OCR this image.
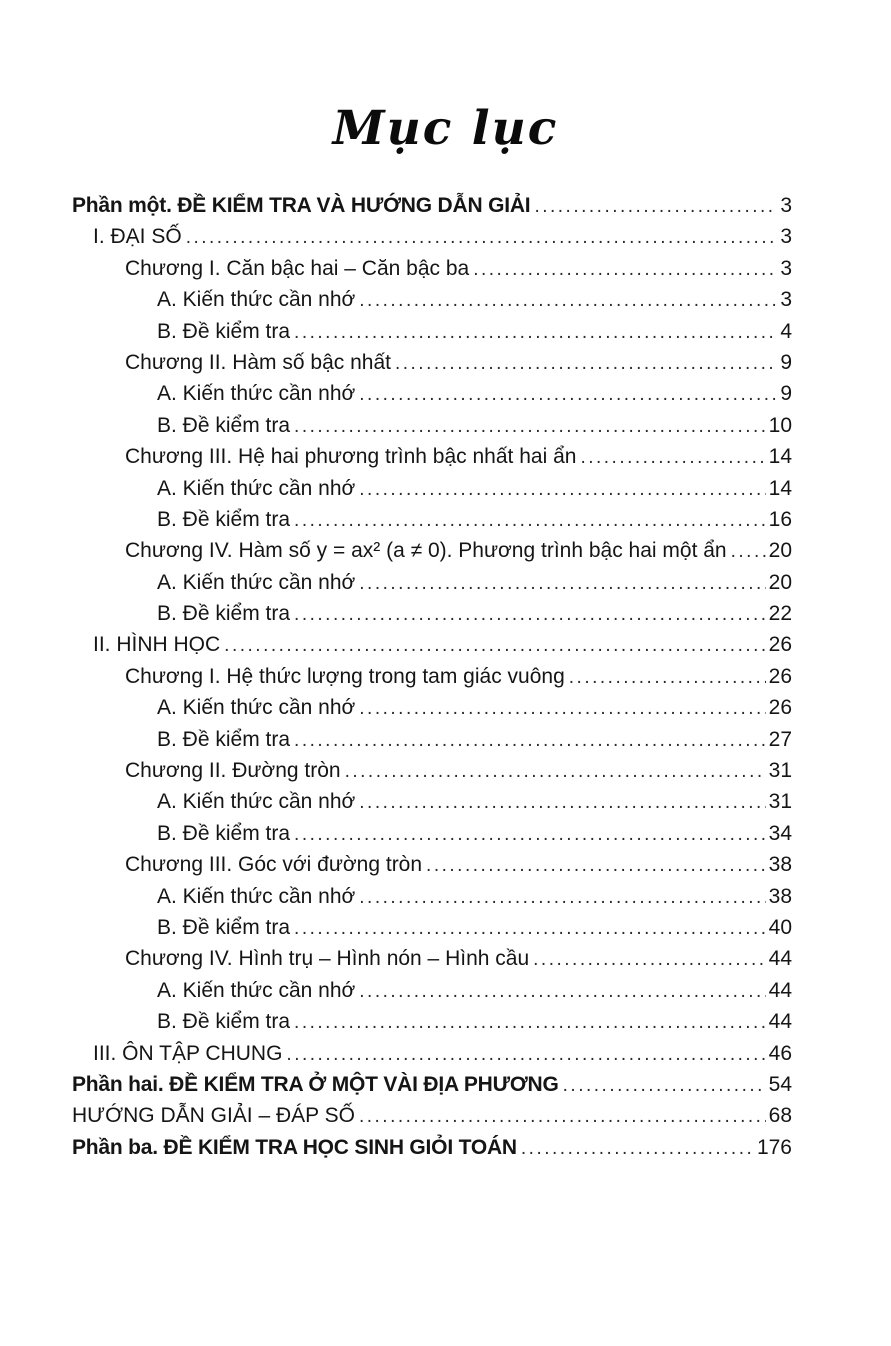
Mục lục
Phần một. ĐỀ KIỂM TRA VÀ HƯỚNG DẪN GIẢI .....	3
I. ĐẠI SỐ .....	3
Chương I. Căn bậc hai – Căn bậc ba .....	3
A. Kiến thức cần nhớ .....	3
B. Đề kiểm tra .....	4
Chương II. Hàm số bậc nhất .....	9
A. Kiến thức cần nhớ .....	9
B. Đề kiểm tra .....	10
Chương III. Hệ hai phương trình bậc nhất hai ẩn .....	14
A. Kiến thức cần nhớ .....	14
B. Đề kiểm tra .....	16
Chương IV. Hàm số y = ax² (a ≠ 0). Phương trình bậc hai một ẩn ..... 20
A. Kiến thức cần nhớ .....	20
B. Đề kiểm tra .....	22
II. HÌNH HỌC .....	26
Chương I. Hệ thức lượng trong tam giác vuông .....	26
A. Kiến thức cần nhớ .....	26
B. Đề kiểm tra .....	27
Chương II. Đường tròn .....	31
A. Kiến thức cần nhớ .....	31
B. Đề kiểm tra .....	34
Chương III. Góc với đường tròn .....	38
A. Kiến thức cần nhớ .....	38
B. Đề kiểm tra .....	40
Chương IV. Hình trụ – Hình nón – Hình cầu .....	44
A. Kiến thức cần nhớ .....	44
B. Đề kiểm tra .....	44
III. ÔN TẬP CHUNG .....	46
Phần hai. ĐỀ KIỂM TRA Ở MỘT VÀI ĐỊA PHƯƠNG .....	54
HƯỚNG DẪN GIẢI – ĐÁP SỐ .....	68
Phần ba. ĐỀ KIỂM TRA HỌC SINH GIỎI TOÁN .....	176
